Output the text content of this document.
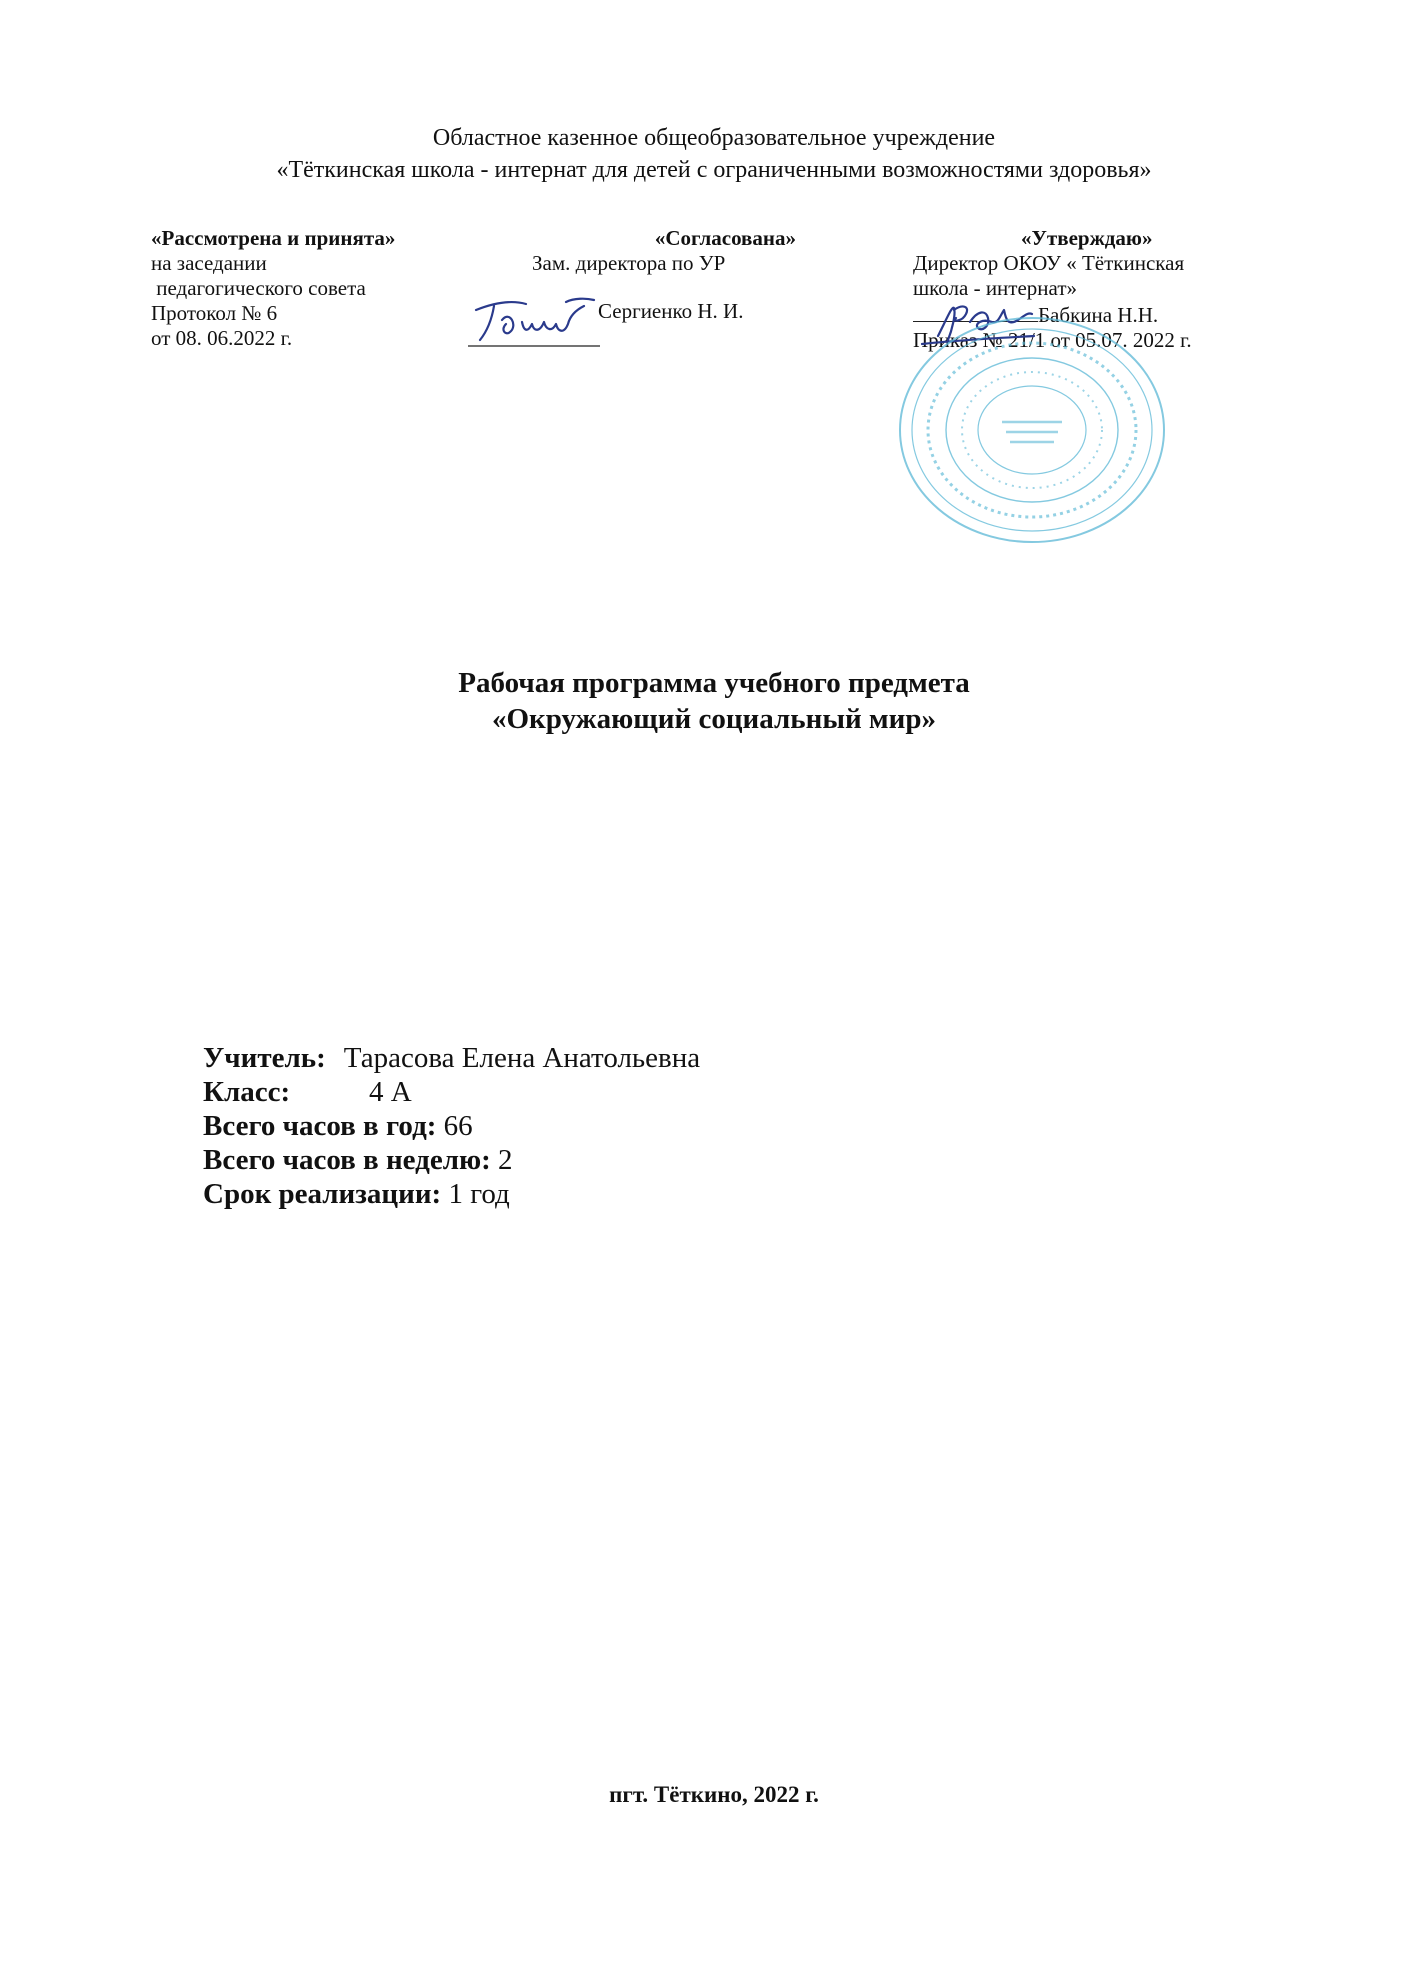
Областное казенное общеобразовательное учреждение
«Тёткинская школа - интернат для детей с ограниченными возможностями здоровья»
«Рассмотрена и принята»
на заседании
педагогического совета
Протокол № 6
от 08. 06.2022 г.
«Согласована»
Зам. директора по УР
Сергиенко Н. И.
«Утверждаю»
Директор ОКОУ « Тёткинская
школа - интернат»
Бабкина Н.Н.
Приказ № 21/1 от 05.07. 2022 г.
Рабочая программа учебного предмета
«Окружающий социальный мир»
Учитель: Тарасова Елена Анатольевна
Класс:	4 А
Всего часов в год: 66
Всего часов в неделю: 2
Срок реализации: 1 год
пгт. Тёткино, 2022 г.
